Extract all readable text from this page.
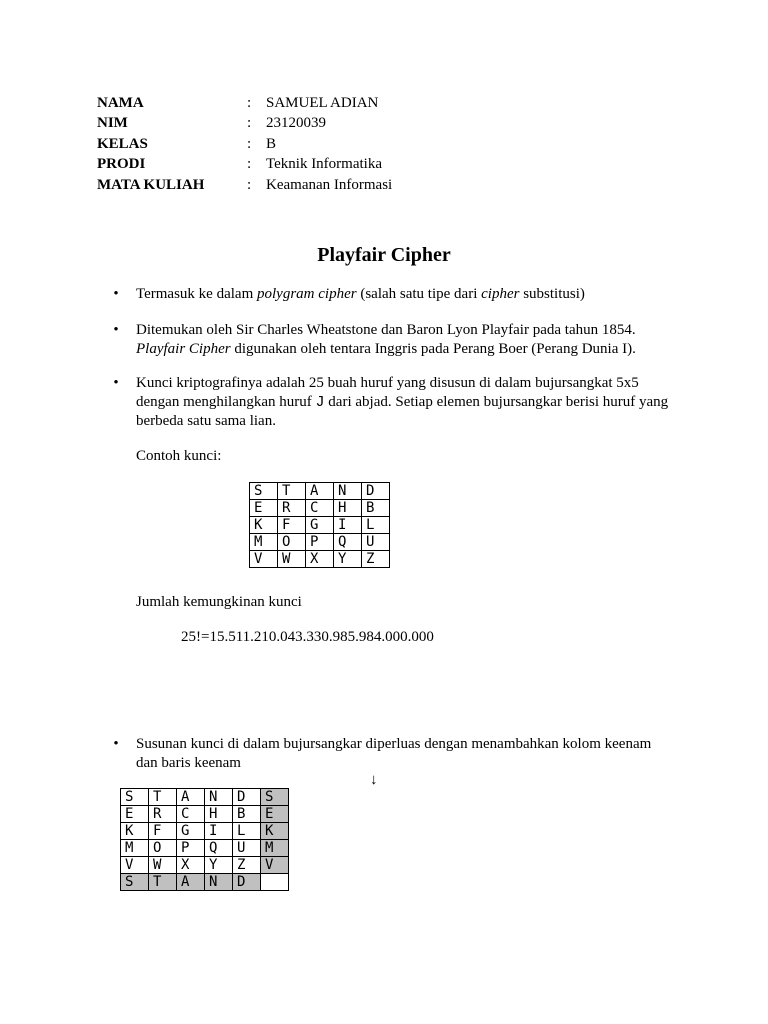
NAMA	: SAMUEL ADIAN
NIM	: 23120039
KELAS	: B
PRODI	: Teknik Informatika
MATA KULIAH	: Keamanan Informasi
Playfair Cipher
• Termasuk ke dalam polygram cipher (salah satu tipe dari cipher substitusi)
• Ditemukan oleh Sir Charles Wheatstone dan Baron Lyon Playfair pada tahun 1854.
Playfair Cipher digunakan oleh tentara Inggris pada Perang Boer (Perang Dunia I).
• Kunci kriptografinya adalah 25 buah huruf yang disusun di dalam bujursangkat 5x5 dengan menghilangkan huruf J dari abjad. Setiap elemen bujursangkar berisi huruf yang berbeda satu sama lian.
Contoh kunci:
S	T	A	N	D
E	R	C	H	B
K	F	G	I	L
M	O	P	Q	U
V	W	X	Y	Z
Jumlah kemungkinan kunci
25!=15.511.210.043.330.985.984.000.000
• Susunan kunci di dalam bujursangkar diperluas dengan menambahkan kolom keenam dan baris keenam
↓
S	T	A	N	D	S
E	R	C	H	B	E
K	F	G	I	L	K
M	O	P	Q	U	M
V	W	X	Y	Z	V
S	T	A	N	D	
